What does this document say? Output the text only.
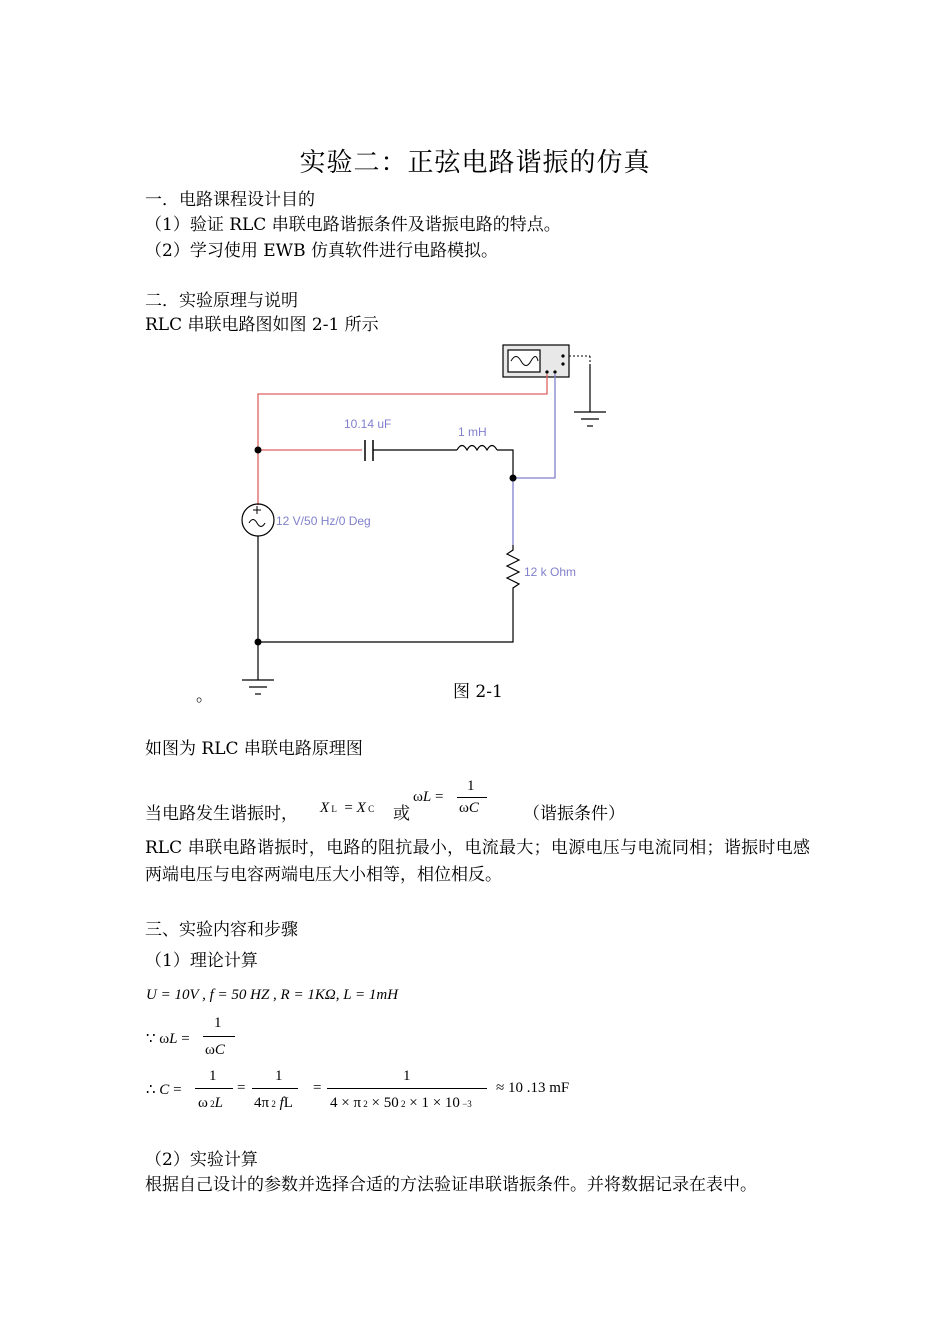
实验二：正弦电路谐振的仿真
一．电路课程设计目的
（1）验证 RLC 串联电路谐振条件及谐振电路的特点。
（2）学习使用 EWB 仿真软件进行电路模拟。
二．实验原理与说明
RLC 串联电路图如图 2-1 所示
10.14 uF
1 mH
12 V/50 Hz/0 Deg
12 k Ohm
。	图 2-1
如图为 RLC 串联电路原理图
当电路发生谐振时， X L  = X C 或
ωL =
1
ωC	（谐振条件）
RLC 串联电路谐振时，电路的阻抗最小，电流最大；电源电压与电流同相；谐振时电感两端电压与电容两端电压大小相等，相位相反。
三、实验内容和步骤
（1）理论计算
U = 10V , f = 50 HZ , R = 1KΩ, L = 1mH
∵ ωL =
1
ωC
∴ C =
1
ω 2L
=
1
4π 2 fL
=
1
4 × π 2 × 50 2 × 1 × 10 −3
≈ 10 .13 mF
（2）实验计算
根据自己设计的参数并选择合适的方法验证串联谐振条件。并将数据记录在表中。
